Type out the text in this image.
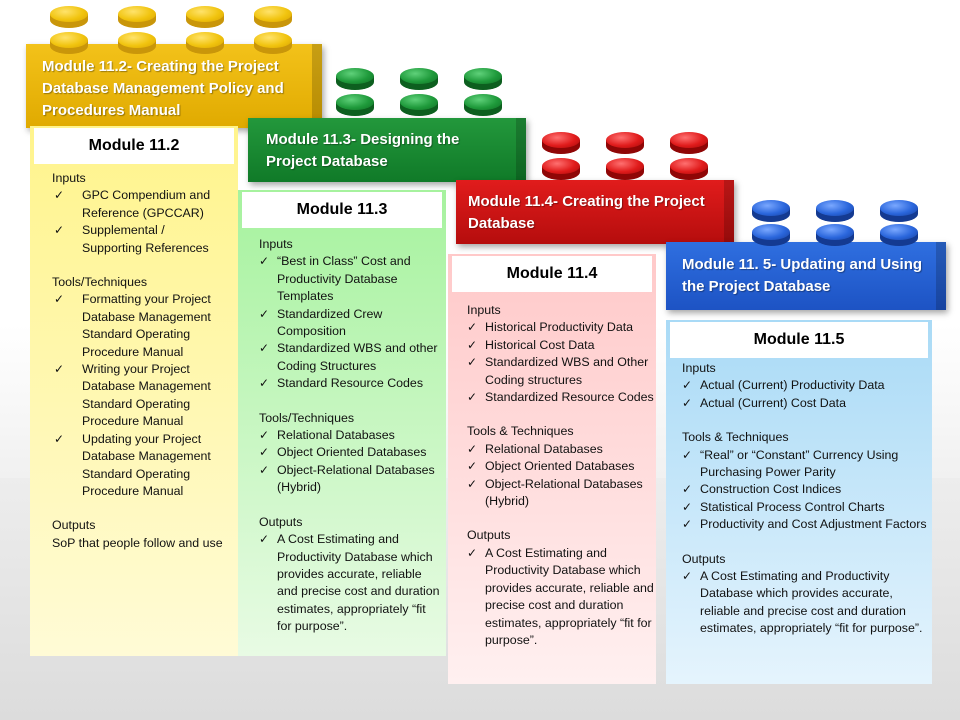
Module 11.2- Creating the Project Database Management Policy and Procedures Manual
Module 11.3- Designing the Project Database
Module 11.4- Creating the Project Database
Module 11. 5- Updating and Using the Project Database
Module 11.2

Inputs

✓ GPC Compendium and Reference (GPCCAR)
✓ Supplemental / Supporting References

Tools/Techniques

✓ Formatting your Project Database Management Standard Operating Procedure Manual
✓ Writing your Project Database Management Standard Operating Procedure Manual
✓ Updating your Project Database Management Standard Operating Procedure Manual

Outputs

SoP that people follow and use

Module 11.3

Inputs

✓ “Best in Class” Cost and Productivity Database Templates
✓ Standardized Crew Composition
✓ Standardized WBS and other Coding Structures
✓ Standard Resource Codes

Tools/Techniques

✓ Relational Databases
✓ Object Oriented Databases
✓ Object-Relational Databases (Hybrid)

Outputs

✓ A Cost Estimating and Productivity Database which provides accurate, reliable and precise cost and duration estimates, appropriately “fit for purpose”.
Module 11.4

Inputs

✓ Historical Productivity Data
✓ Historical Cost Data
✓ Standardized WBS and Other Coding structures
✓ Standardized Resource Codes

Tools & Techniques

✓ Relational Databases
✓ Object Oriented Databases
✓ Object-Relational Databases (Hybrid)

Outputs

✓ A Cost Estimating and Productivity Database which provides accurate, reliable and precise cost and duration estimates, appropriately “fit for purpose”.
Module 11.5

Inputs

✓ Actual (Current) Productivity Data
✓ Actual (Current) Cost Data

Tools & Techniques

✓ “Real” or “Constant” Currency Using Purchasing Power Parity
✓ Construction Cost Indices
✓ Statistical Process Control Charts
✓ Productivity and Cost Adjustment Factors

Outputs

✓ A Cost Estimating and Productivity Database which provides accurate, reliable and precise cost and duration estimates, appropriately “fit for purpose”.
